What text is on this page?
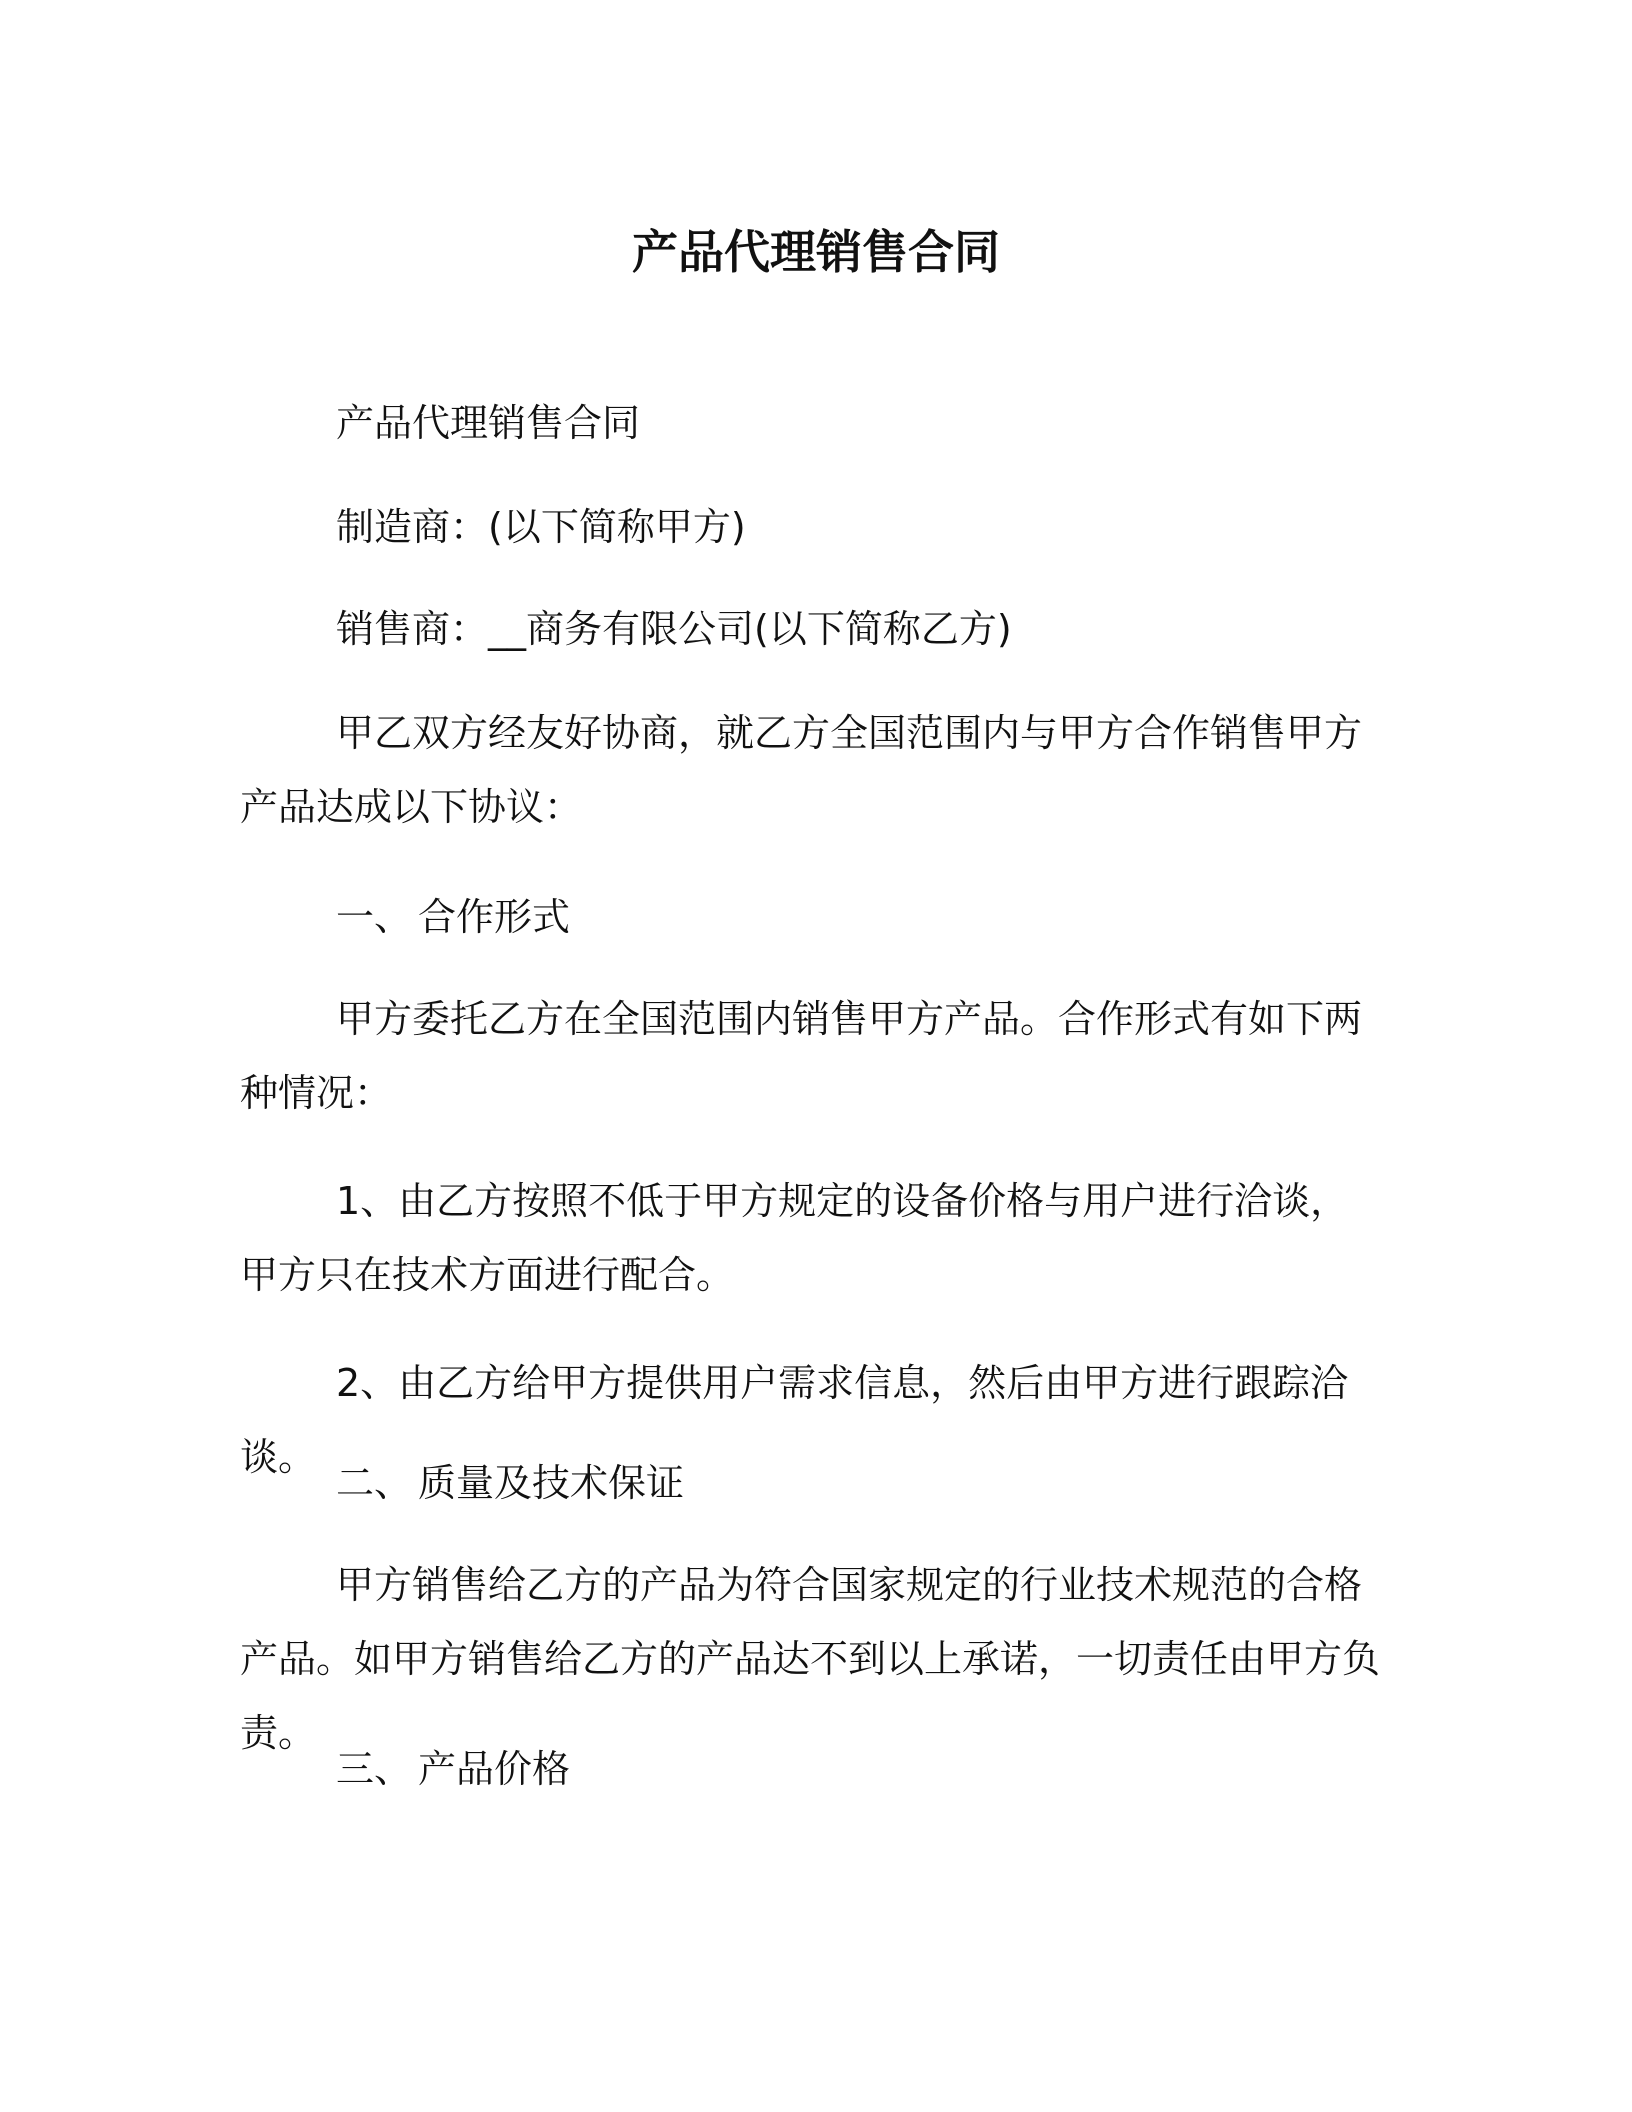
产品代理销售合同

产品代理销售合同

制造商：(以下简称甲方)

销售商：__商务有限公司(以下简称乙方)

甲乙双方经友好协商，就乙方全国范围内与甲方合作销售甲方产品达成以下协议：

一、 合作形式

甲方委托乙方在全国范围内销售甲方产品。合作形式有如下两种情况：

1、由乙方按照不低于甲方规定的设备价格与用户进行洽谈，甲方只在技术方面进行配合。

2、由乙方给甲方提供用户需求信息，然后由甲方进行跟踪洽谈。

二、 质量及技术保证

甲方销售给乙方的产品为符合国家规定的行业技术规范的合格产品。如甲方销售给乙方的产品达不到以上承诺，一切责任由甲方负责。

三、 产品价格
